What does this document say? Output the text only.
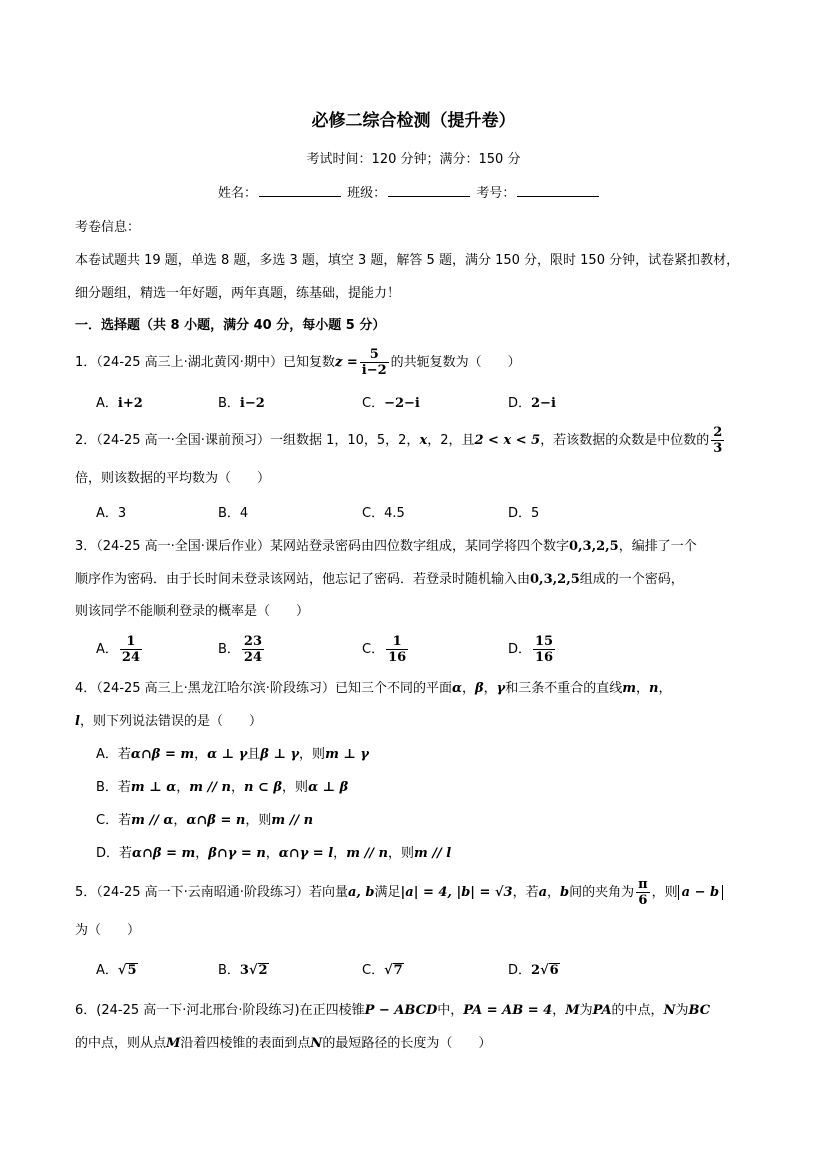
必修二综合检测（提升卷）
考试时间：120 分钟；满分：150 分
姓名：	班级：	考号：
考卷信息：
本卷试题共 19 题，单选 8 题，多选 3 题，填空 3 题，解答 5 题，满分 150 分，限时 150 分钟，试卷紧扣教材，
细分题组，精选一年好题，两年真题，练基础，提能力！
一．选择题（共 8 小题，满分 40 分，每小题 5 分）
1．（24-25 高三上·湖北黄冈·期中）已知复数$z = \frac{5}{i-2}$ 的共轭复数为（　　）
A．i+2	B．i−2	C．−2−i	D．2−i
2．（24-25 高一·全国·课前预习）一组数据 1，10，5，2，x，2，且2 < x < 5，若该数据的众数是中位数的 $\frac{2}{3}$
倍，则该数据的平均数为（　　）
A．3	B．4	C．4.5	D．5
3．（24-25 高一·全国·课后作业）某网站登录密码由四位数字组成，某同学将四个数字0,3,2,5，编排了一个
顺序作为密码．由于长时间未登录该网站，他忘记了密码．若登录时随机输入由0,3,2,5组成的一个密码，
则该同学不能顺利登录的概率是（　　）
A． $\frac{1}{24}$	B． $\frac{23}{24}$	C． $\frac{1}{16}$	D． $\frac{15}{16}$
4．（24-25 高三上·黑龙江哈尔滨·阶段练习）已知三个不同的平面α，β，γ和三条不重合的直线m，n，
l，则下列说法错误的是（　　）
A．若α∩β = m，α ⊥ γ且β ⊥ γ，则m ⊥ γ
B．若m ⊥ α，m // n，n ⊂ β，则α ⊥ β
C．若m // α，α∩β = n，则m // n
D．若α∩β = m，β∩γ = n，α∩γ = l，m // n，则m // l
5．（24-25 高一下·云南昭通·阶段练习）若向量a, b满足|a| = 4, |b| = √3，若a，b间的夹角为 $\frac{\pi}{6}$ ，则 a − b
为（　　）
A．√5	B．3√2	C．√7	D．2√6
6．(24-25 高一下·河北邢台·阶段练习)在正四棱锥P − ABCD中，PA = AB = 4，M为PA的中点，N为BC
的中点，则从点M沿着四棱锥的表面到点N的最短路径的长度为（　　）
